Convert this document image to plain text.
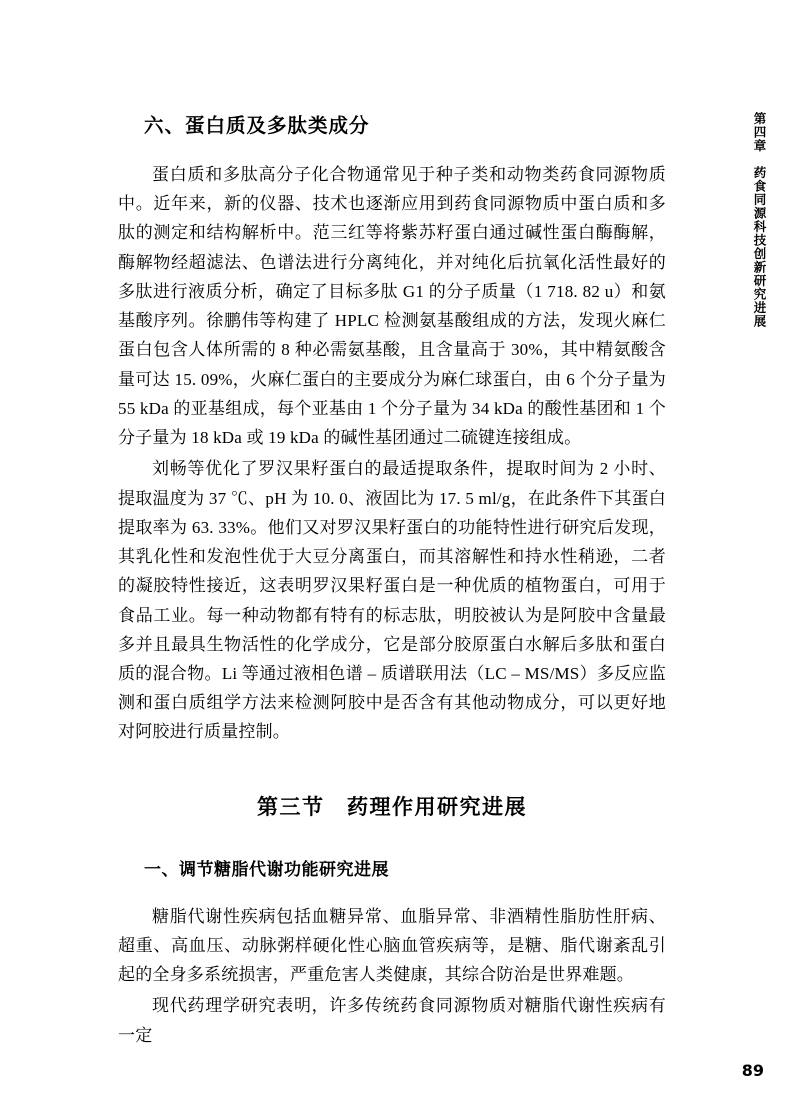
第四章　药食同源科技创新研究进展
六、蛋白质及多肽类成分

蛋白质和多肽高分子化合物通常见于种子类和动物类药食同源物质中。近年来，新的仪器、技术也逐渐应用到药食同源物质中蛋白质和多肽的测定和结构解析中。范三红等将紫苏籽蛋白通过碱性蛋白酶酶解，酶解物经超滤法、色谱法进行分离纯化，并对纯化后抗氧化活性最好的多肽进行液质分析，确定了目标多肽 G1 的分子质量（1 718. 82 u）和氨基酸序列。徐鹏伟等构建了 HPLC 检测氨基酸组成的方法，发现火麻仁蛋白包含人体所需的 8 种必需氨基酸，且含量高于 30%，其中精氨酸含量可达 15. 09%，火麻仁蛋白的主要成分为麻仁球蛋白，由 6 个分子量为 55 kDa 的亚基组成，每个亚基由 1 个分子量为 34 kDa 的酸性基团和 1 个分子量为 18 kDa 或 19 kDa 的碱性基团通过二硫键连接组成。

刘畅等优化了罗汉果籽蛋白的最适提取条件，提取时间为 2 小时、提取温度为 37 ℃、pH 为 10. 0、液固比为 17. 5 ml/g，在此条件下其蛋白提取率为 63. 33%。他们又对罗汉果籽蛋白的功能特性进行研究后发现，其乳化性和发泡性优于大豆分离蛋白，而其溶解性和持水性稍逊，二者的凝胶特性接近，这表明罗汉果籽蛋白是一种优质的植物蛋白，可用于食品工业。每一种动物都有特有的标志肽，明胶被认为是阿胶中含量最多并且最具生物活性的化学成分，它是部分胶原蛋白水解后多肽和蛋白质的混合物。Li 等通过液相色谱 – 质谱联用法（LC – MS/MS）多反应监测和蛋白质组学方法来检测阿胶中是否含有其他动物成分，可以更好地对阿胶进行质量控制。

第三节　药理作用研究进展
一、调节糖脂代谢功能研究进展

糖脂代谢性疾病包括血糖异常、血脂异常、非酒精性脂肪性肝病、超重、高血压、动脉粥样硬化性心脑血管疾病等，是糖、脂代谢紊乱引起的全身多系统损害，严重危害人类健康，其综合防治是世界难题。

现代药理学研究表明，许多传统药食同源物质对糖脂代谢性疾病有一定

89
